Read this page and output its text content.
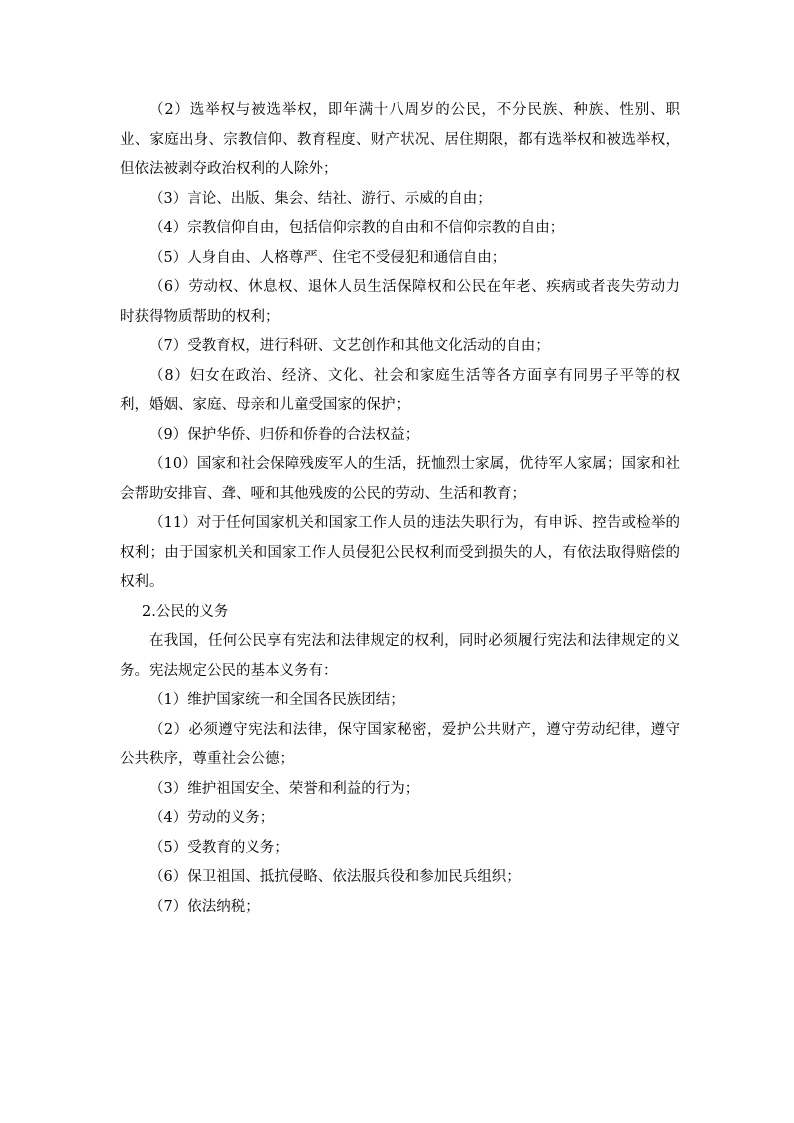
（2）选举权与被选举权，即年满十八周岁的公民，不分民族、种族、性别、职业、家庭出身、宗教信仰、教育程度、财产状况、居住期限，都有选举权和被选举权，但依法被剥夺政治权利的人除外；

（3）言论、出版、集会、结社、游行、示威的自由；

（4）宗教信仰自由，包括信仰宗教的自由和不信仰宗教的自由；

（5）人身自由、人格尊严、住宅不受侵犯和通信自由；

（6）劳动权、休息权、退休人员生活保障权和公民在年老、疾病或者丧失劳动力时获得物质帮助的权利；

（7）受教育权，进行科研、文艺创作和其他文化活动的自由；

（8）妇女在政治、经济、文化、社会和家庭生活等各方面享有同男子平等的权利，婚姻、家庭、母亲和儿童受国家的保护；

（9）保护华侨、归侨和侨眷的合法权益；

（10）国家和社会保障残废军人的生活，抚恤烈士家属，优待军人家属；国家和社会帮助安排盲、聋、哑和其他残废的公民的劳动、生活和教育；

（11）对于任何国家机关和国家工作人员的违法失职行为，有申诉、控告或检举的权利；由于国家机关和国家工作人员侵犯公民权利而受到损失的人，有依法取得赔偿的权利。

2.公民的义务

在我国，任何公民享有宪法和法律规定的权利，同时必须履行宪法和法律规定的义务。宪法规定公民的基本义务有：

（1）维护国家统一和全国各民族团结；

（2）必须遵守宪法和法律，保守国家秘密，爱护公共财产，遵守劳动纪律，遵守公共秩序，尊重社会公德；

（3）维护祖国安全、荣誉和利益的行为；

（4）劳动的义务；

（5）受教育的义务；

（6）保卫祖国、抵抗侵略、依法服兵役和参加民兵组织；

（7）依法纳税；
